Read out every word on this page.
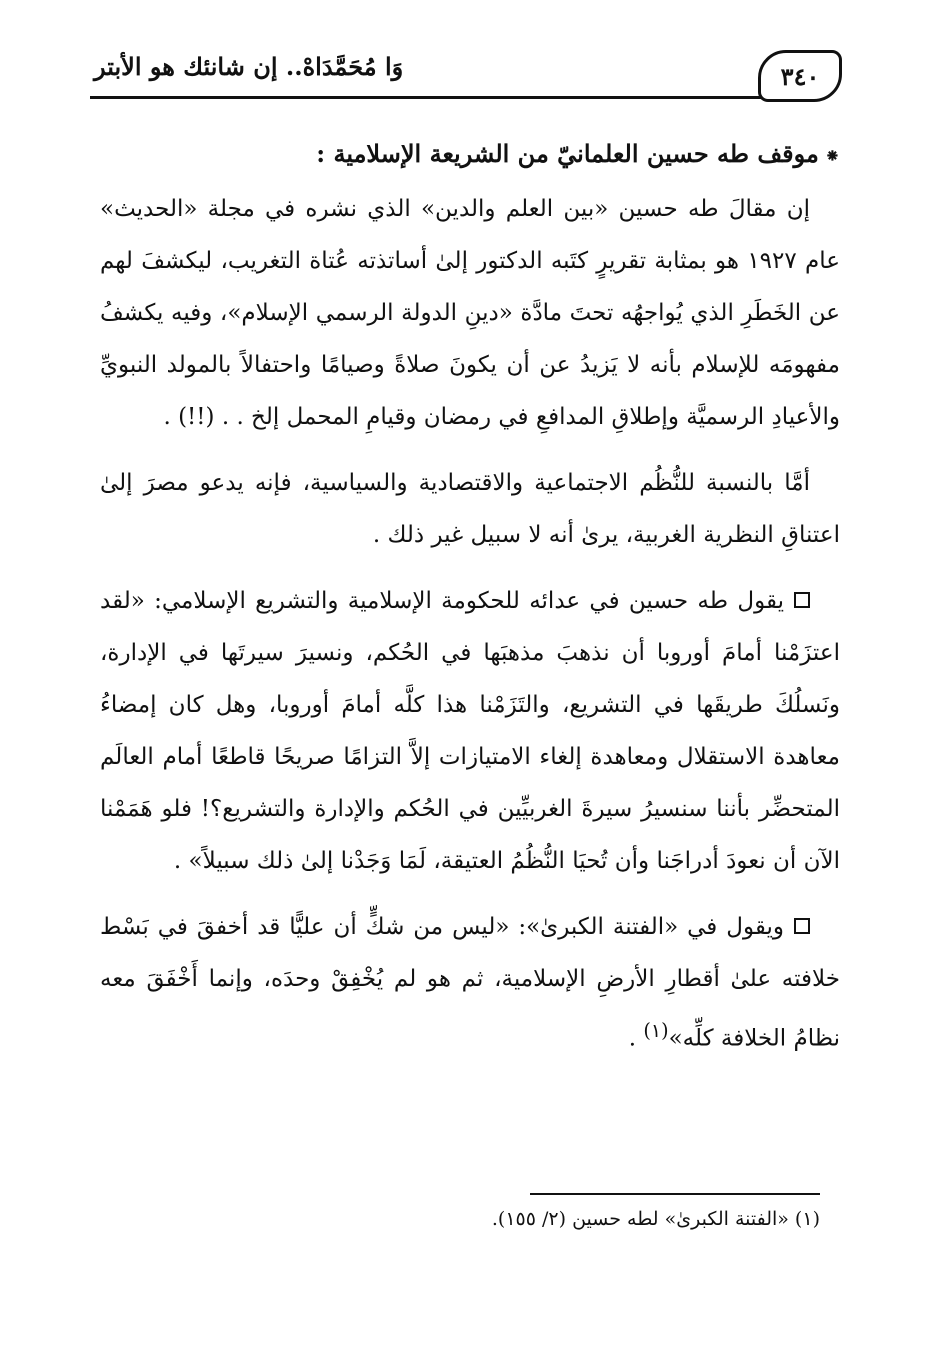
٣٤٠
وَا مُحَمَّدَاهْ.. إن شانئك هو الأبتر
⁕موقف طه حسين العلمانيّ من الشريعة الإسلامية :

إن مقالَ طه حسين «بين العلم والدين» الذي نشره في مجلة «الحديث» عام ١٩٢٧ هو بمثابة تقريرٍ كتَبه الدكتور إلىٰ أساتذته عُتاة التغريب، ليكشفَ لهم عن الخَطَرِ الذي يُواجهُه تحتَ مادَّة «دينِ الدولة الرسمي الإسلام»، وفيه يكشفُ مفهومَه للإسلام بأنه لا يَزيدُ عن أن يكونَ صلاةً وصيامًا واحتفالاً بالمولد النبويِّ والأعيادِ الرسميَّة وإطلاقِ المدافعِ في رمضان وقيامِ المحمل إلخ . . (!!) .

أمَّا بالنسبة للنُّظُم الاجتماعية والاقتصادية والسياسية، فإنه يدعو مصرَ إلىٰ اعتناقِ النظرية الغربية، يرىٰ أنه لا سبيل غير ذلك .

يقول طه حسين في عدائه للحكومة الإسلامية والتشريع الإسلامي: «لقد اعتزَمْنا أمامَ أوروبا أن نذهبَ مذهبَها في الحُكم، ونسيرَ سيرتَها في الإدارة، ونَسلُكَ طريقَها في التشريع، والتَزَمْنا هذا كلَّه أمامَ أوروبا، وهل كان إمضاءُ معاهدة الاستقلال ومعاهدة إلغاء الامتيازات إلاَّ التزامًا صريحًا قاطعًا أمام العالَم المتحضِّر بأننا سنسيرُ سيرةَ الغربيِّين في الحُكم والإدارة والتشريع؟! فلو هَمَمْنا الآن أن نعودَ أدراجَنا وأن تُحيَا النُّظُمُ العتيقة، لَمَا وَجَدْنا إلىٰ ذلك سبيلاً» .

ويقول في «الفتنة الكبرىٰ»: «ليس من شكٍّ أن عليًّا قد أخفقَ في بَسْط خلافته علىٰ أقطارِ الأرضِ الإسلامية، ثم هو لم يُخْفِقْ وحدَه، وإنما أَخْفَقَ معه نظامُ الخلافة كلِّه»$^{(١)}$ .

(١) «الفتنة الكبرىٰ» لطه حسين (٢/ ١٥٥).
